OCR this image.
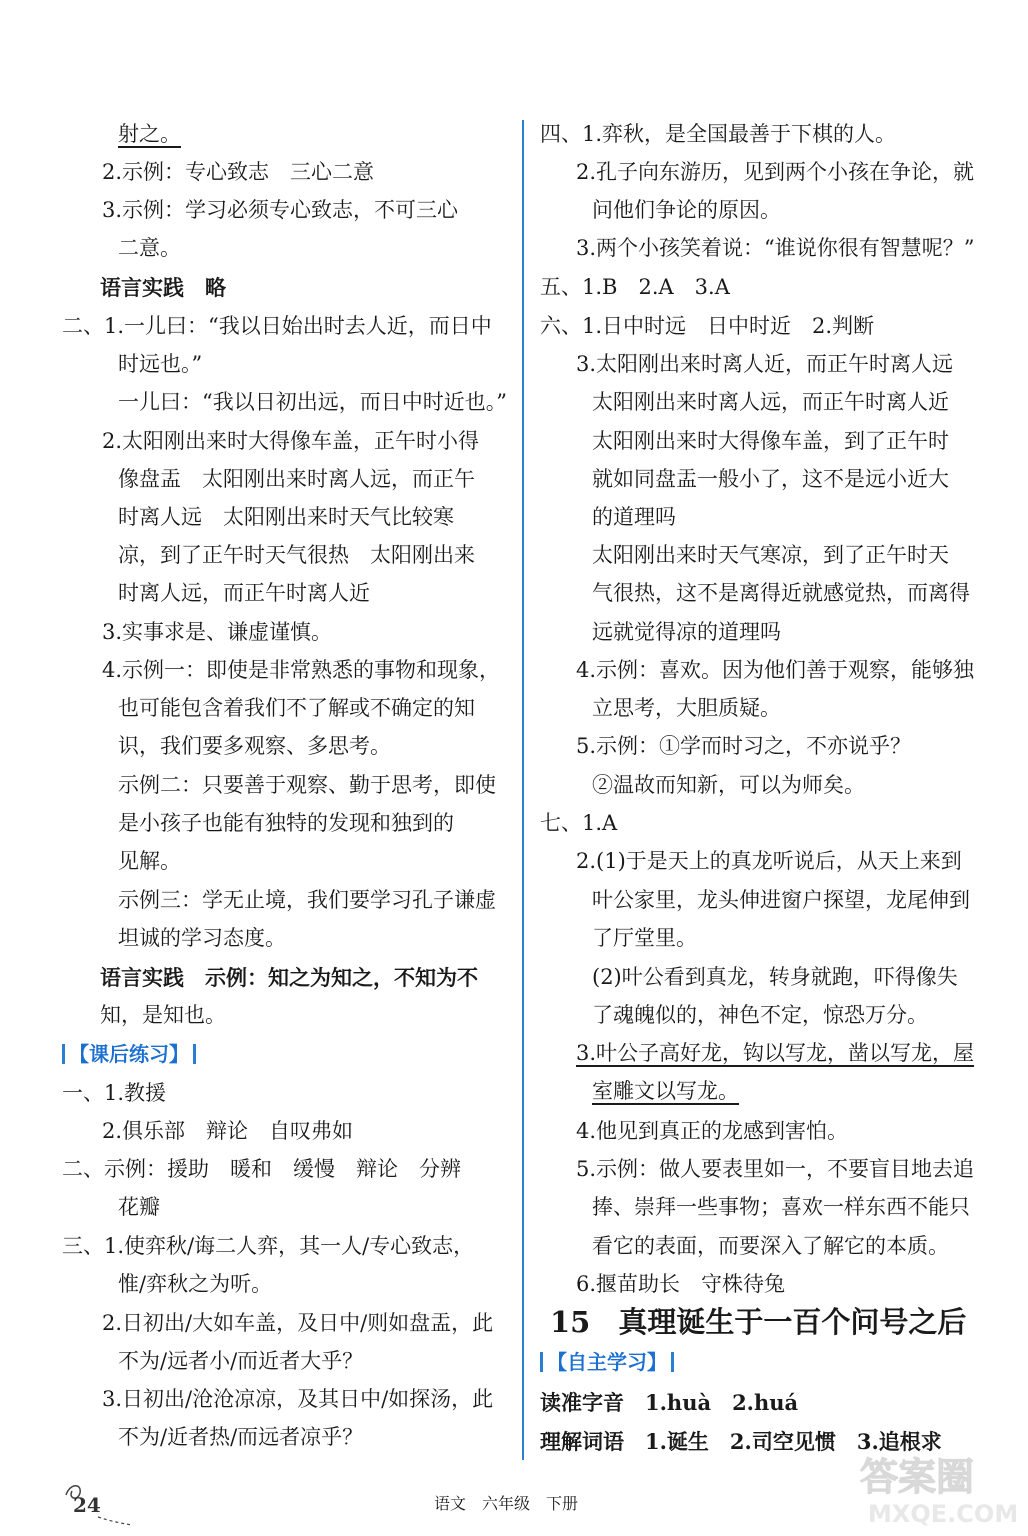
【课后练习】
射之。
2.示例：专心致志　三心二意
3.示例：学习必须专心致志，不可三心
二意。
语言实践　略
二、1.一儿曰：“我以日始出时去人近，而日中
时远也。”
一儿曰：“我以日初出远，而日中时近也。”
2.太阳刚出来时大得像车盖，正午时小得
像盘盂　太阳刚出来时离人远，而正午
时离人远　太阳刚出来时天气比较寒
凉，到了正午时天气很热　太阳刚出来
时离人远，而正午时离人近
3.实事求是、谦虚谨慎。
4.示例一：即使是非常熟悉的事物和现象，
也可能包含着我们不了解或不确定的知
识，我们要多观察、多思考。
示例二：只要善于观察、勤于思考，即使
是小孩子也能有独特的发现和独到的
见解。
示例三：学无止境，我们要学习孔子谦虚
坦诚的学习态度。
语言实践　示例：知之为知之，不知为不
知，是知也。
一、1.教援
2.俱乐部　辩论　自叹弗如
二、示例：援助　暖和　缓慢　辩论　分辨
花瓣
三、1.使弈秋/诲二人弈，其一人/专心致志，
惟/弈秋之为听。
2.日初出/大如车盖，及日中/则如盘盂，此
不为/远者小/而近者大乎？
3.日初出/沧沧凉凉，及其日中/如探汤，此
不为/近者热/而远者凉乎？
15 真理诞生于一百个问号之后
【自主学习】
四、1.弈秋，是全国最善于下棋的人。
2.孔子向东游历，见到两个小孩在争论，就
问他们争论的原因。
3.两个小孩笑着说：“谁说你很有智慧呢？”
五、1.B　2.A　3.A
六、1.日中时远　日中时近　2.判断
3.太阳刚出来时离人近，而正午时离人远
太阳刚出来时离人远，而正午时离人近
太阳刚出来时大得像车盖，到了正午时
就如同盘盂一般小了，这不是远小近大
的道理吗
太阳刚出来时天气寒凉，到了正午时天
气很热，这不是离得近就感觉热，而离得
远就觉得凉的道理吗
4.示例：喜欢。因为他们善于观察，能够独
立思考，大胆质疑。
5.示例：①学而时习之，不亦说乎？
②温故而知新，可以为师矣。
七、1.A
2.(1)于是天上的真龙听说后，从天上来到
叶公家里，龙头伸进窗户探望，龙尾伸到
了厅堂里。
(2)叶公看到真龙，转身就跑，吓得像失
了魂魄似的，神色不定，惊恐万分。
3.叶公子高好龙，钩以写龙，凿以写龙，屋
室雕文以写龙。
4.他见到真正的龙感到害怕。
5.示例：做人要表里如一，不要盲目地去追
捧、崇拜一些事物；喜欢一样东西不能只
看它的表面，而要深入了解它的本质。
6.揠苗助长　守株待兔
读准字音　1.huà　2.huá
理解词语　1.诞生　2.司空见惯　3.追根求
24	语文　六年级　下册
答案圈
MXQE.COM
